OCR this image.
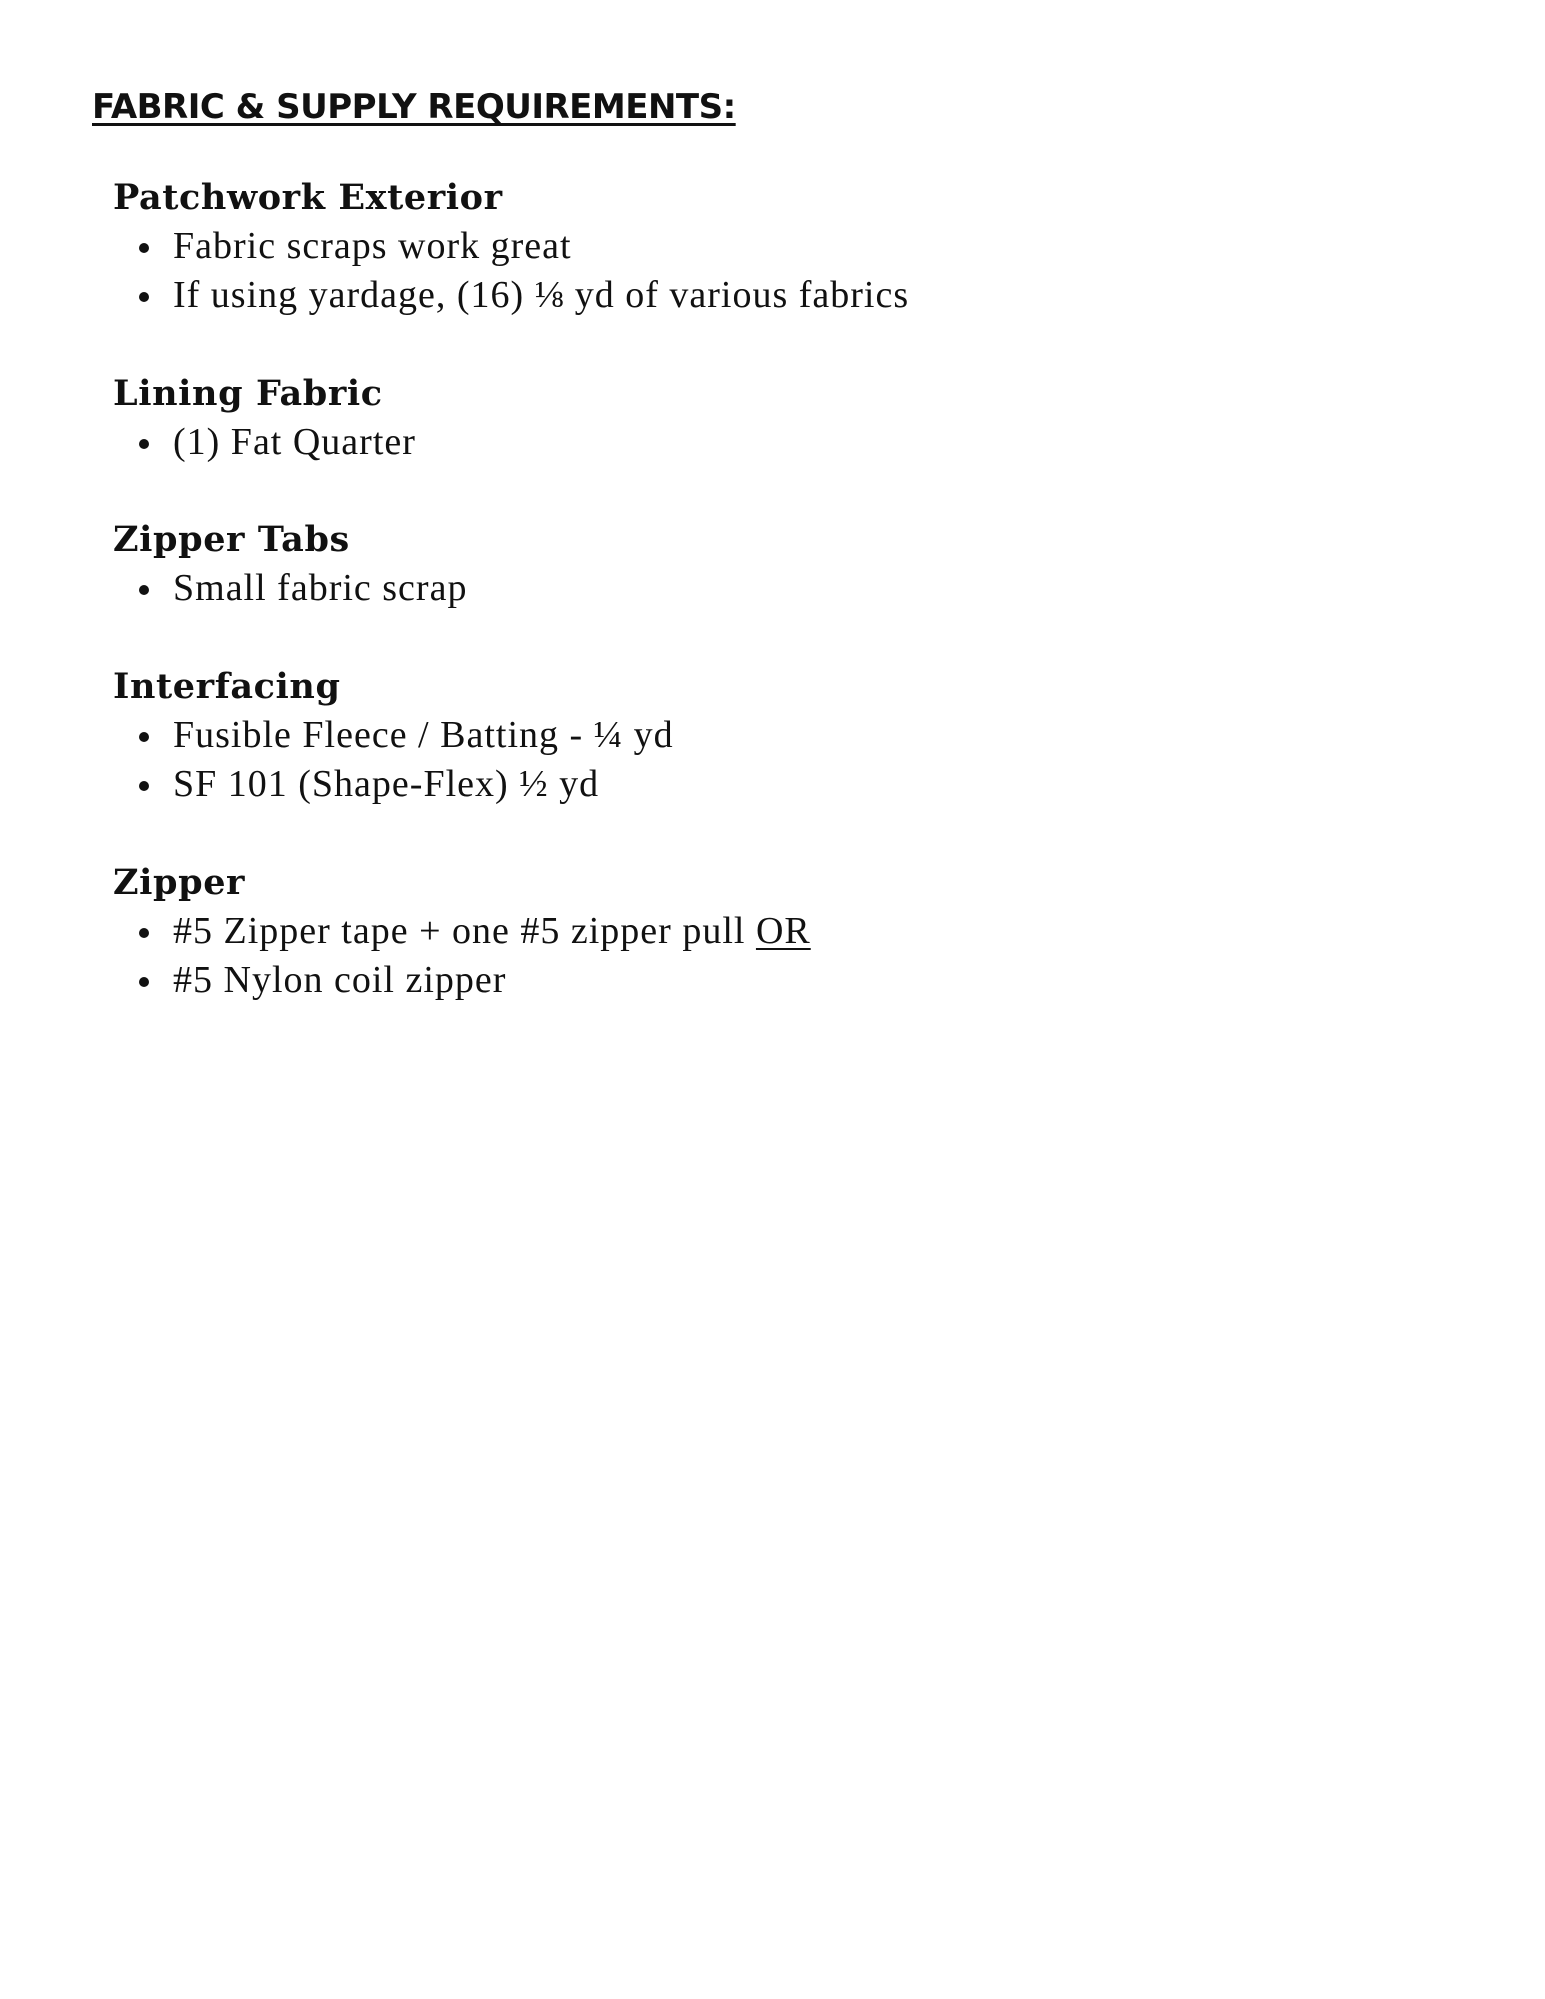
FABRIC & SUPPLY REQUIREMENTS:
Patchwork Exterior
Fabric scraps work great
If using yardage, (16) ⅛ yd of various fabrics
Lining Fabric
(1) Fat Quarter
Zipper Tabs
Small fabric scrap
Interfacing
Fusible Fleece / Batting - ¼ yd
SF 101 (Shape-Flex) ½ yd
Zipper
#5 Zipper tape + one #5 zipper pull OR
#5 Nylon coil zipper
